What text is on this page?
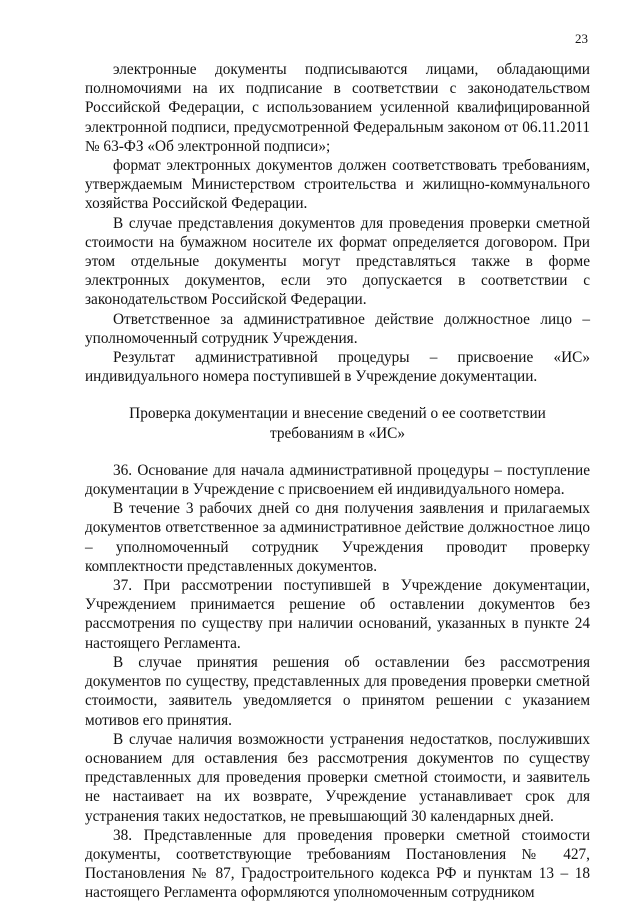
23

электронные документы подписываются лицами, обладающими полномочиями на их подписание в соответствии с законодательством Российской Федерации, с использованием усиленной квалифицированной электронной подписи, предусмотренной Федеральным законом от 06.11.2011 № 63-ФЗ «Об электронной подписи»;

формат электронных документов должен соответствовать требованиям, утверждаемым Министерством строительства и жилищно-коммунального хозяйства Российской Федерации.

В случае представления документов для проведения проверки сметной стоимости на бумажном носителе их формат определяется договором. При этом отдельные документы могут представляться также в форме электронных документов, если это допускается в соответствии с законодательством Российской Федерации.

Ответственное за административное действие должностное лицо – уполномоченный сотрудник Учреждения.

Результат административной процедуры – присвоение «ИС» индивидуального номера поступившей в Учреждение документации.

Проверка документации и внесение сведений о ее соответствии

требованиям в «ИС»

36. Основание для начала административной процедуры – поступление документации в Учреждение с присвоением ей индивидуального номера.

В течение 3 рабочих дней со дня получения заявления и прилагаемых документов ответственное за административное действие должностное лицо – уполномоченный сотрудник Учреждения проводит проверку комплектности представленных документов.

37. При рассмотрении поступившей в Учреждение документации, Учреждением принимается решение об оставлении документов без рассмотрения по существу при наличии оснований, указанных в пункте 24 настоящего Регламента.

В случае принятия решения об оставлении без рассмотрения документов по существу, представленных для проведения проверки сметной стоимости, заявитель уведомляется о принятом решении с указанием мотивов его принятия.

В случае наличия возможности устранения недостатков, послуживших основанием для оставления без рассмотрения документов по существу представленных для проведения проверки сметной стоимости, и заявитель не настаивает на их возврате, Учреждение устанавливает срок для устранения таких недостатков, не превышающий 30 календарных дней.

38. Представленные для проведения проверки сметной стоимости документы, соответствующие требованиям Постановления № 427, Постановления № 87, Градостроительного кодекса РФ и пунктам 13 – 18 настоящего Регламента оформляются уполномоченным сотрудником
